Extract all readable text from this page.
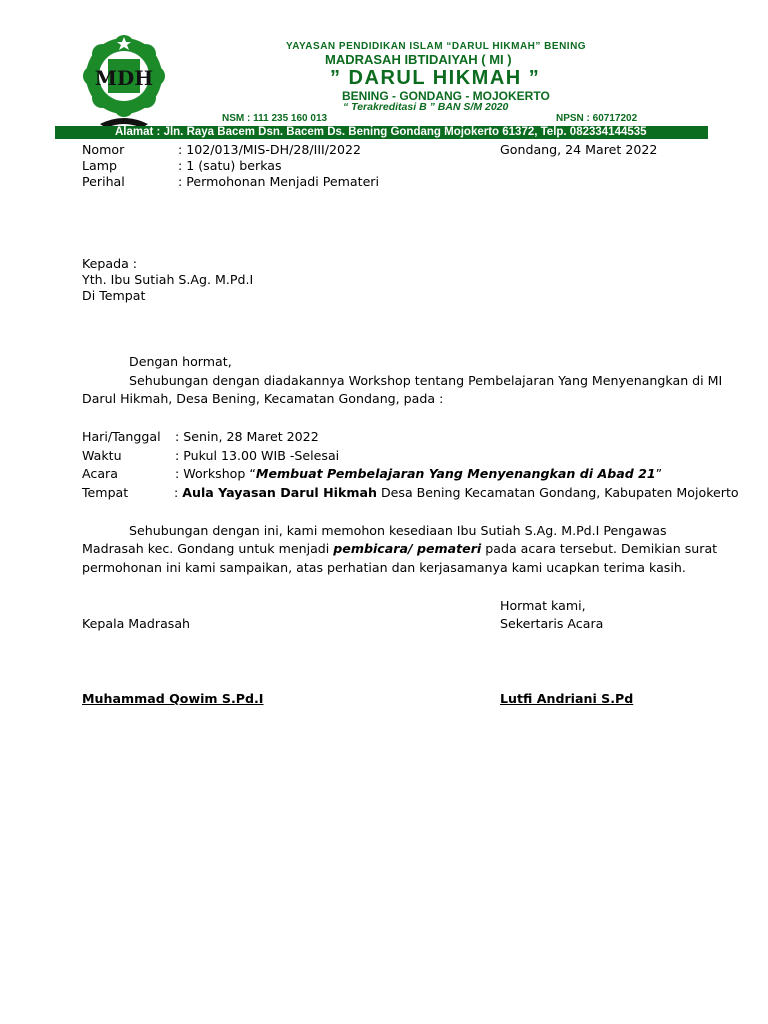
MDH
YAYASAN PENDIDIKAN ISLAM “DARUL HIKMAH” BENING
MADRASAH IBTIDAIYAH ( MI )
” DARUL HIKMAH ”
BENING - GONDANG - MOJOKERTO
“ Terakreditasi B ” BAN S/M 2020
NSM : 111 235 160 013	NPSN : 60717202
Alamat : Jln. Raya Bacem Dsn. Bacem Ds. Bening Gondang Mojokerto 61372, Telp. 082334144535
Nomor	: 102/013/MIS-DH/28/III/2022	Gondang, 24 Maret 2022
Lamp	: 1 (satu) berkas
Perihal	: Permohonan Menjadi Pemateri
Kepada :
Yth. Ibu Sutiah S.Ag. M.Pd.I
Di Tempat
Dengan hormat,
Sehubungan dengan diadakannya Workshop tentang Pembelajaran Yang Menyenangkan di MI
Darul Hikmah, Desa Bening, Kecamatan Gondang, pada :
Hari/Tanggal : Senin, 28 Maret 2022
Waktu	: Pukul 13.00 WIB -Selesai
Acara	: Workshop “Membuat Pembelajaran Yang Menyenangkan di Abad 21”
Tempat	: Aula Yayasan Darul Hikmah Desa Bening Kecamatan Gondang, Kabupaten Mojokerto
Sehubungan dengan ini, kami memohon kesediaan Ibu Sutiah S.Ag. M.Pd.I Pengawas
Madrasah kec. Gondang untuk menjadi pembicara/ pemateri pada acara tersebut. Demikian surat
permohonan ini kami sampaikan, atas perhatian dan kerjasamanya kami ucapkan terima kasih.
Hormat kami,
Kepala Madrasah	Sekertaris Acara
Muhammad Qowim S.Pd.I	Lutfi Andriani S.Pd
